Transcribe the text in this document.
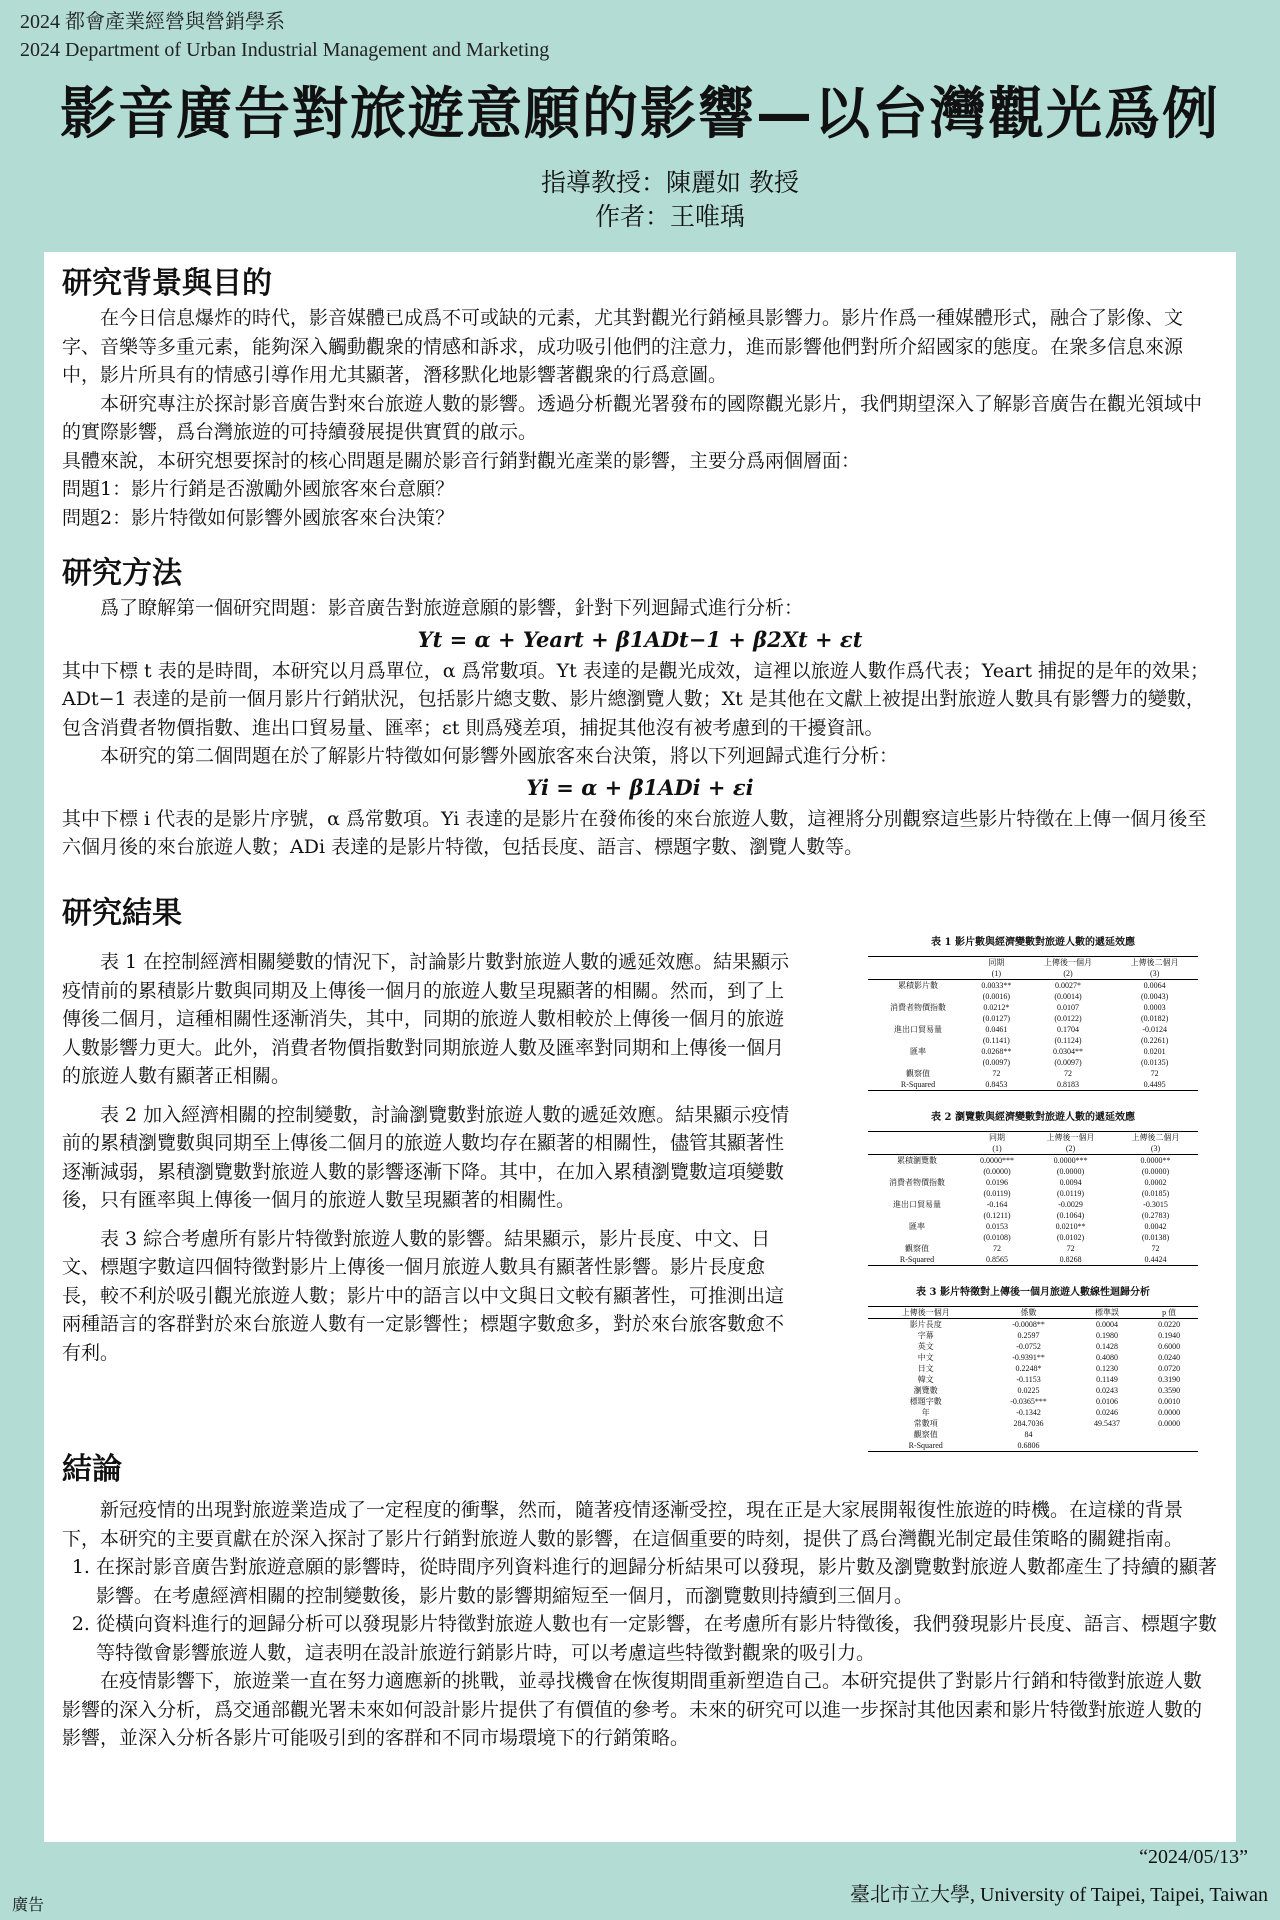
2024 都會產業經營與營銷學系
2024 Department of Urban Industrial Management and Marketing
影音廣告對旅遊意願的影響—以台灣觀光爲例
指導教授：陳麗如 教授
作者：王唯瑀
研究背景與目的

在今日信息爆炸的時代，影音媒體已成爲不可或缺的元素，尤其對觀光行銷極具影響力。影片作爲一種媒體形式，融合了影像、文字、音樂等多重元素，能夠深入觸動觀衆的情感和訴求，成功吸引他們的注意力，進而影響他們對所介紹國家的態度。在衆多信息來源中，影片所具有的情感引導作用尤其顯著，潛移默化地影響著觀衆的行爲意圖。

本研究專注於探討影音廣告對來台旅遊人數的影響。透過分析觀光署發布的國際觀光影片，我們期望深入了解影音廣告在觀光領域中的實際影響，爲台灣旅遊的可持續發展提供實質的啟示。

具體來說，本研究想要探討的核心問題是關於影音行銷對觀光產業的影響，主要分爲兩個層面：

問題1：影片行銷是否激勵外國旅客來台意願？

問題2：影片特徵如何影響外國旅客來台決策？

研究方法

爲了瞭解第一個研究問題：影音廣告對旅遊意願的影響，針對下列迴歸式進行分析：

Yt = α + Yeart + β1ADt−1 + β2Xt + εt

其中下標 t 表的是時間，本研究以月爲單位，α 爲常數項。Yt 表達的是觀光成效，這裡以旅遊人數作爲代表；Yeart 捕捉的是年的效果；ADt−1 表達的是前一個月影片行銷狀況，包括影片總支數、影片總瀏覽人數；Xt 是其他在文獻上被提出對旅遊人數具有影響力的變數，包含消費者物價指數、進出口貿易量、匯率；εt 則爲殘差項，捕捉其他沒有被考慮到的干擾資訊。

本研究的第二個問題在於了解影片特徵如何影響外國旅客來台決策，將以下列迴歸式進行分析：

Yi = α + β1ADi + εi

其中下標 i 代表的是影片序號，α 爲常數項。Yi 表達的是影片在發佈後的來台旅遊人數，這裡將分別觀察這些影片特徵在上傳一個月後至六個月後的來台旅遊人數；ADi 表達的是影片特徵，包括長度、語言、標題字數、瀏覽人數等。

研究結果

表 1 在控制經濟相關變數的情況下，討論影片數對旅遊人數的遞延效應。結果顯示疫情前的累積影片數與同期及上傳後一個月的旅遊人數呈現顯著的相關。然而，到了上傳後二個月，這種相關性逐漸消失，其中，同期的旅遊人數相較於上傳後一個月的旅遊人數影響力更大。此外，消費者物價指數對同期旅遊人數及匯率對同期和上傳後一個月的旅遊人數有顯著正相關。

表 2 加入經濟相關的控制變數，討論瀏覽數對旅遊人數的遞延效應。結果顯示疫情前的累積瀏覽數與同期至上傳後二個月的旅遊人數均存在顯著的相關性，儘管其顯著性逐漸減弱，累積瀏覽數對旅遊人數的影響逐漸下降。其中，在加入累積瀏覽數這項變數後，只有匯率與上傳後一個月的旅遊人數呈現顯著的相關性。

表 3 綜合考慮所有影片特徵對旅遊人數的影響。結果顯示，影片長度、中文、日文、標題字數這四個特徵對影片上傳後一個月旅遊人數具有顯著性影響。影片長度愈長，較不利於吸引觀光旅遊人數；影片中的語言以中文與日文較有顯著性，可推測出這兩種語言的客群對於來台旅遊人數有一定影響性；標題字數愈多，對於來台旅客數愈不有利。

表 1 影片數與經濟變數對旅遊人數的遞延效應
	同期	上傳後一個月	上傳後二個月
	(1)	(2)	(3)
累積影片數	0.0033**	0.0027*	0.0064
	(0.0016)	(0.0014)	(0.0043)
消費者物價指數	0.0212*	0.0107	0.0003
	(0.0127)	(0.0122)	(0.0182)
進出口貿易量	0.0461	0.1704	-0.0124
	(0.1141)	(0.1124)	(0.2261)
匯率	0.0268**	0.0304**	0.0201
	(0.0097)	(0.0097)	(0.0135)
觀察值	72	72	72
R-Squared	0.8453	0.8183	0.4495
表 2 瀏覽數與經濟變數對旅遊人數的遞延效應
	同期	上傳後一個月	上傳後二個月
	(1)	(2)	(3)
累積瀏覽數	0.0000***	0.0000***	0.0000**
	(0.0000)	(0.0000)	(0.0000)
消費者物價指數	0.0196	0.0094	0.0002
	(0.0119)	(0.0119)	(0.0185)
進出口貿易量	-0.164	-0.0029	-0.3015
	(0.1211)	(0.1064)	(0.2783)
匯率	0.0153	0.0210**	0.0042
	(0.0108)	(0.0102)	(0.0138)
觀察值	72	72	72
R-Squared	0.8565	0.8268	0.4424
表 3 影片特徵對上傳後一個月旅遊人數線性迴歸分析
上傳後一個月	係數	標準誤	p 值
影片長度	-0.0008**	0.0004	0.0220
字幕	0.2597	0.1980	0.1940
英文	-0.0752	0.1428	0.6000
中文	-0.9391**	0.4080	0.0240
日文	0.2248*	0.1230	0.0720
韓文	-0.1153	0.1149	0.3190
瀏覽數	0.0225	0.0243	0.3590
標題字數	-0.0365***	0.0106	0.0010
年	-0.1342	0.0246	0.0000
常數項	284.7036	49.5437	0.0000
觀察值	84		
R-Squared	0.6806		
結論

新冠疫情的出現對旅遊業造成了一定程度的衝擊，然而，隨著疫情逐漸受控，現在正是大家展開報復性旅遊的時機。在這樣的背景下，本研究的主要貢獻在於深入探討了影片行銷對旅遊人數的影響，在這個重要的時刻，提供了爲台灣觀光制定最佳策略的關鍵指南。

1. 在探討影音廣告對旅遊意願的影響時，從時間序列資料進行的迴歸分析結果可以發現，影片數及瀏覽數對旅遊人數都產生了持續的顯著影響。在考慮經濟相關的控制變數後，影片數的影響期縮短至一個月，而瀏覽數則持續到三個月。
2. 從橫向資料進行的迴歸分析可以發現影片特徵對旅遊人數也有一定影響，在考慮所有影片特徵後，我們發現影片長度、語言、標題字數等特徵會影響旅遊人數，這表明在設計旅遊行銷影片時，可以考慮這些特徵對觀衆的吸引力。

在疫情影響下，旅遊業一直在努力適應新的挑戰，並尋找機會在恢復期間重新塑造自己。本研究提供了對影片行銷和特徵對旅遊人數影響的深入分析，爲交通部觀光署未來如何設計影片提供了有價值的參考。未來的研究可以進一步探討其他因素和影片特徵對旅遊人數的影響，並深入分析各影片可能吸引到的客群和不同市場環境下的行銷策略。

“2024/05/13”
臺北市立大學, University of Taipei, Taipei, Taiwan
廣告
